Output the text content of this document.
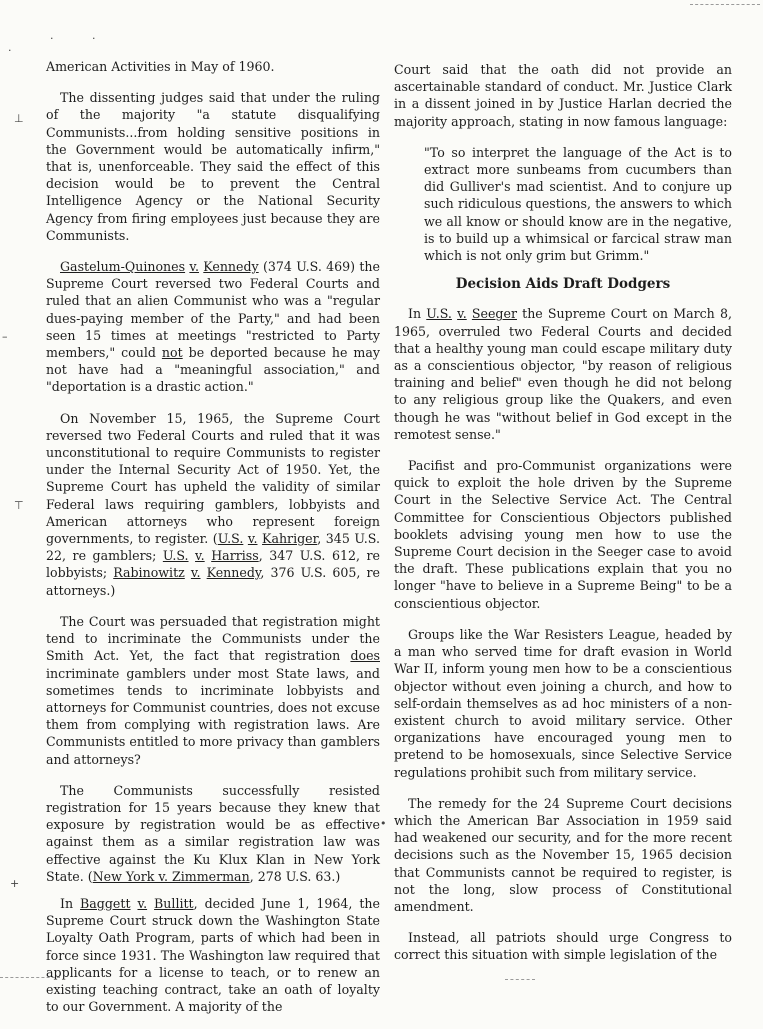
·
·	·
⊥
–
⊤
+
•

American Activities in May of 1960.

The dissenting judges said that under the ruling of the majority "a statute disqualifying Communists...from holding sensitive positions in the Government would be automatically infirm," that is, unenforceable. They said the effect of this decision would be to prevent the Central Intelligence Agency or the National Security Agency from firing employees just because they are Communists.

Gastelum-Quinones v. Kennedy (374 U.S. 469) the Supreme Court reversed two Federal Courts and ruled that an alien Communist who was a "regular dues-paying member of the Party," and had been seen 15 times at meetings "restricted to Party members," could not be deported because he may not have had a "meaningful association," and "deportation is a drastic action."

On November 15, 1965, the Supreme Court reversed two Federal Courts and ruled that it was unconstitutional to require Communists to register under the Internal Security Act of 1950. Yet, the Supreme Court has upheld the validity of similar Federal laws requiring gamblers, lobbyists and American attorneys who represent foreign governments, to register. (U.S. v. Kahriger, 345 U.S. 22, re gamblers; U.S. v. Harriss, 347 U.S. 612, re lobbyists; Rabinowitz v. Kennedy, 376 U.S. 605, re attorneys.)

The Court was persuaded that registration might tend to incriminate the Communists under the Smith Act. Yet, the fact that registration does incriminate gamblers under most State laws, and sometimes tends to incriminate lobbyists and attorneys for Communist countries, does not excuse them from complying with registration laws. Are Communists entitled to more privacy than gamblers and attorneys?

The Communists successfully resisted registration for 15 years because they knew that exposure by registration would be as effective against them as a similar registration law was effective against the Ku Klux Klan in New York State. (New York v. Zimmerman, 278 U.S. 63.)

In Baggett v. Bullitt, decided June 1, 1964, the Supreme Court struck down the Washington State Loyalty Oath Program, parts of which had been in force since 1931. The Washington law required that applicants for a license to teach, or to renew an existing teaching contract, take an oath of loyalty to our Government. A majority of the

Court said that the oath did not provide an ascertainable standard of conduct. Mr. Justice Clark in a dissent joined in by Justice Harlan decried the majority approach, stating in now famous language:

"To so interpret the language of the Act is to extract more sunbeams from cucumbers than did Gulliver's mad scientist. And to conjure up such ridiculous questions, the answers to which we all know or should know are in the negative, is to build up a whimsical or farcical straw man which is not only grim but Grimm."
Decision Aids Draft Dodgers

In U.S. v. Seeger the Supreme Court on March 8, 1965, overruled two Federal Courts and decided that a healthy young man could escape military duty as a conscientious objector, "by reason of religious training and belief" even though he did not belong to any religious group like the Quakers, and even though he was "without belief in God except in the remotest sense."

Pacifist and pro-Communist organizations were quick to exploit the hole driven by the Supreme Court in the Selective Service Act. The Central Committee for Conscientious Objectors published booklets advising young men how to use the Supreme Court decision in the Seeger case to avoid the draft. These publications explain that you no longer "have to believe in a Supreme Being" to be a conscientious objector.

Groups like the War Resisters League, headed by a man who served time for draft evasion in World War II, inform young men how to be a conscientious objector without even joining a church, and how to self-ordain themselves as ad hoc ministers of a non-existent church to avoid military service. Other organizations have encouraged young men to pretend to be homosexuals, since Selective Service regulations prohibit such from military service.

The remedy for the 24 Supreme Court decisions which the American Bar Association in 1959 said had weakened our security, and for the more recent decisions such as the November 15, 1965 decision that Communists cannot be required to register, is not the long, slow process of Constitutional amendment.

Instead, all patriots should urge Congress to correct this situation with simple legislation of the
